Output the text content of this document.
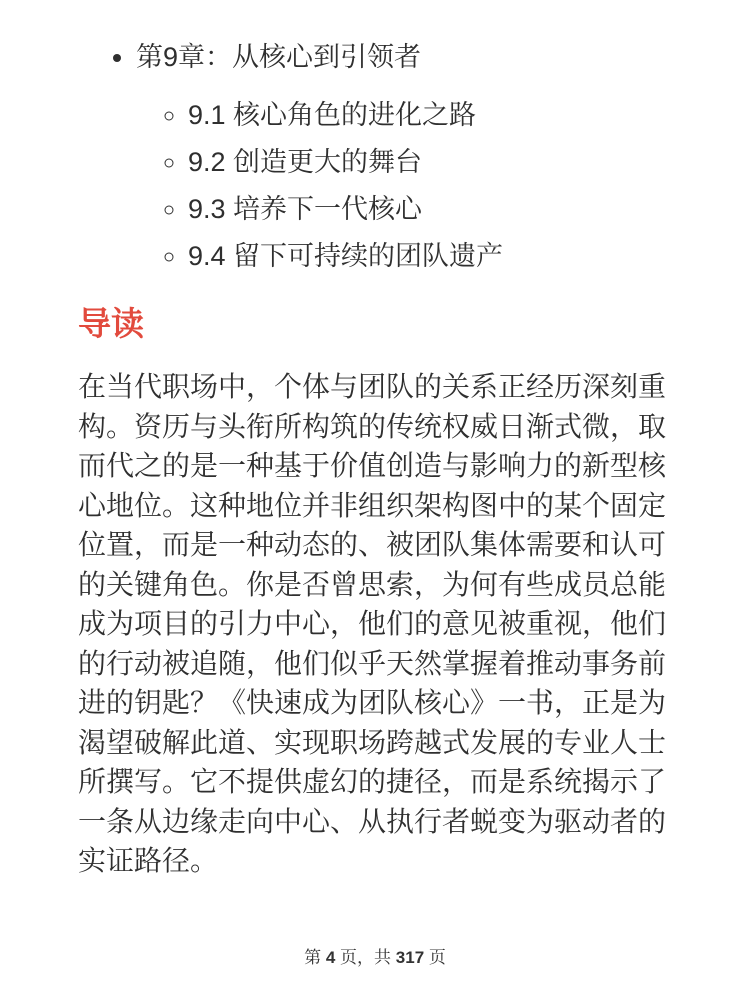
• 第9章：从核心到引领者
◦ 9.1 核心角色的进化之路
◦ 9.2 创造更大的舞台
◦ 9.3 培养下一代核心
◦ 9.4 留下可持续的团队遗产
导读

在当代职场中，个体与团队的关系正经历深刻重构。资历与头衔所构筑的传统权威日渐式微，取而代之的是一种基于价值创造与影响力的新型核心地位。这种地位并非组织架构图中的某个固定位置，而是一种动态的、被团队集体需要和认可的关键角色。你是否曾思索，为何有些成员总能成为项目的引力中心，他们的意见被重视，他们的行动被追随，他们似乎天然掌握着推动事务前进的钥匙？《快速成为团队核心》一书，正是为渴望破解此道、实现职场跨越式发展的专业人士所撰写。它不提供虚幻的捷径，而是系统揭示了一条从边缘走向中心、从执行者蜕变为驱动者的实证路径。

第 4 页，共 317 页
